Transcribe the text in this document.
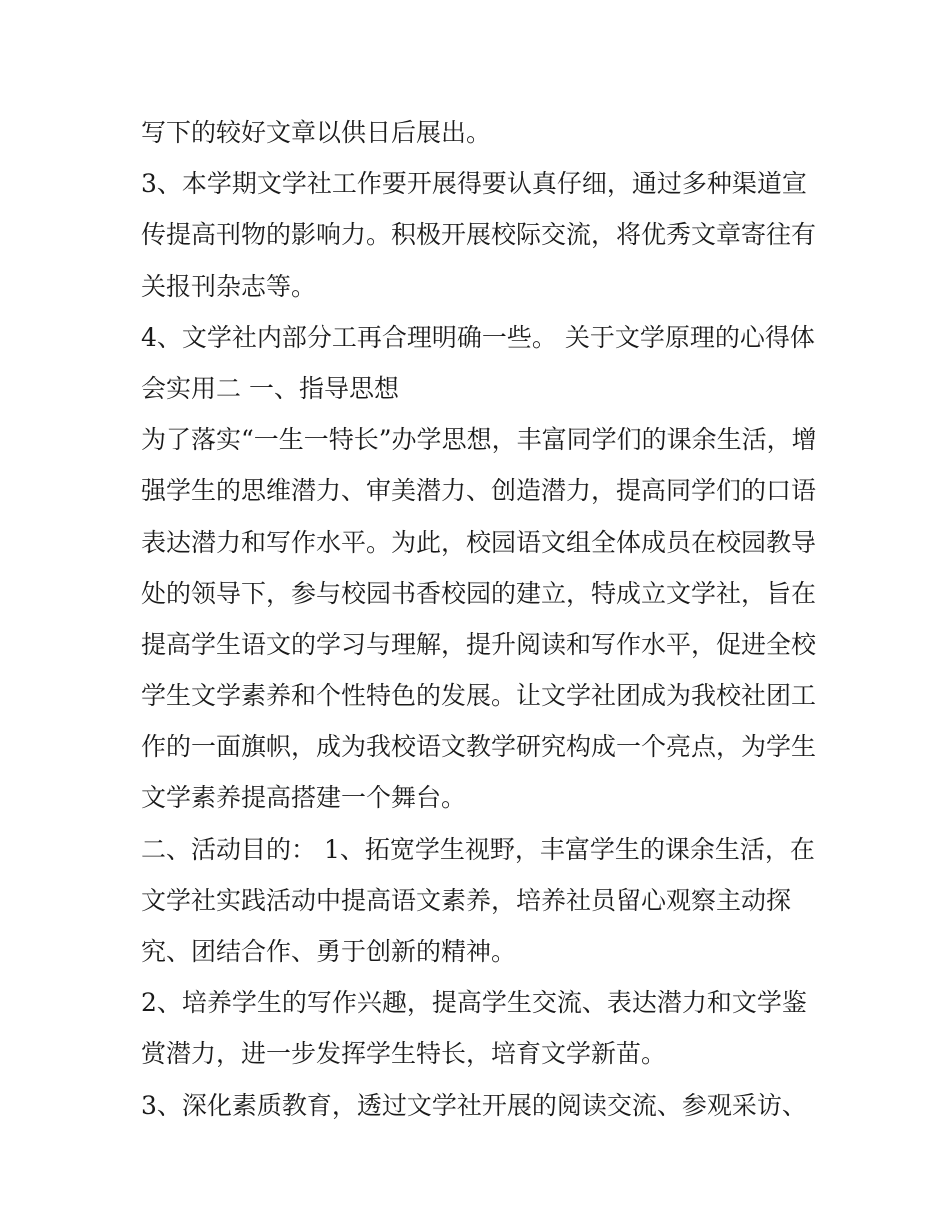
写下的较好文章以供日后展出。
3、本学期文学社工作要开展得要认真仔细，通过多种渠道宣
传提高刊物的影响力。积极开展校际交流，将优秀文章寄往有
关报刊杂志等。
4、文学社内部分工再合理明确一些。 关于文学原理的心得体
会实用二 一、指导思想
为了落实“一生一特长”办学思想，丰富同学们的课余生活，增
强学生的思维潜力、审美潜力、创造潜力，提高同学们的口语
表达潜力和写作水平。为此，校园语文组全体成员在校园教导
处的领导下，参与校园书香校园的建立，特成立文学社，旨在
提高学生语文的学习与理解，提升阅读和写作水平，促进全校
学生文学素养和个性特色的发展。让文学社团成为我校社团工
作的一面旗帜，成为我校语文教学研究构成一个亮点，为学生
文学素养提高搭建一个舞台。
二、活动目的： 1、拓宽学生视野，丰富学生的课余生活，在
文学社实践活动中提高语文素养，培养社员留心观察主动探
究、团结合作、勇于创新的精神。
2、培养学生的写作兴趣，提高学生交流、表达潜力和文学鉴
赏潜力，进一步发挥学生特长，培育文学新苗。
3、深化素质教育，透过文学社开展的阅读交流、参观采访、
